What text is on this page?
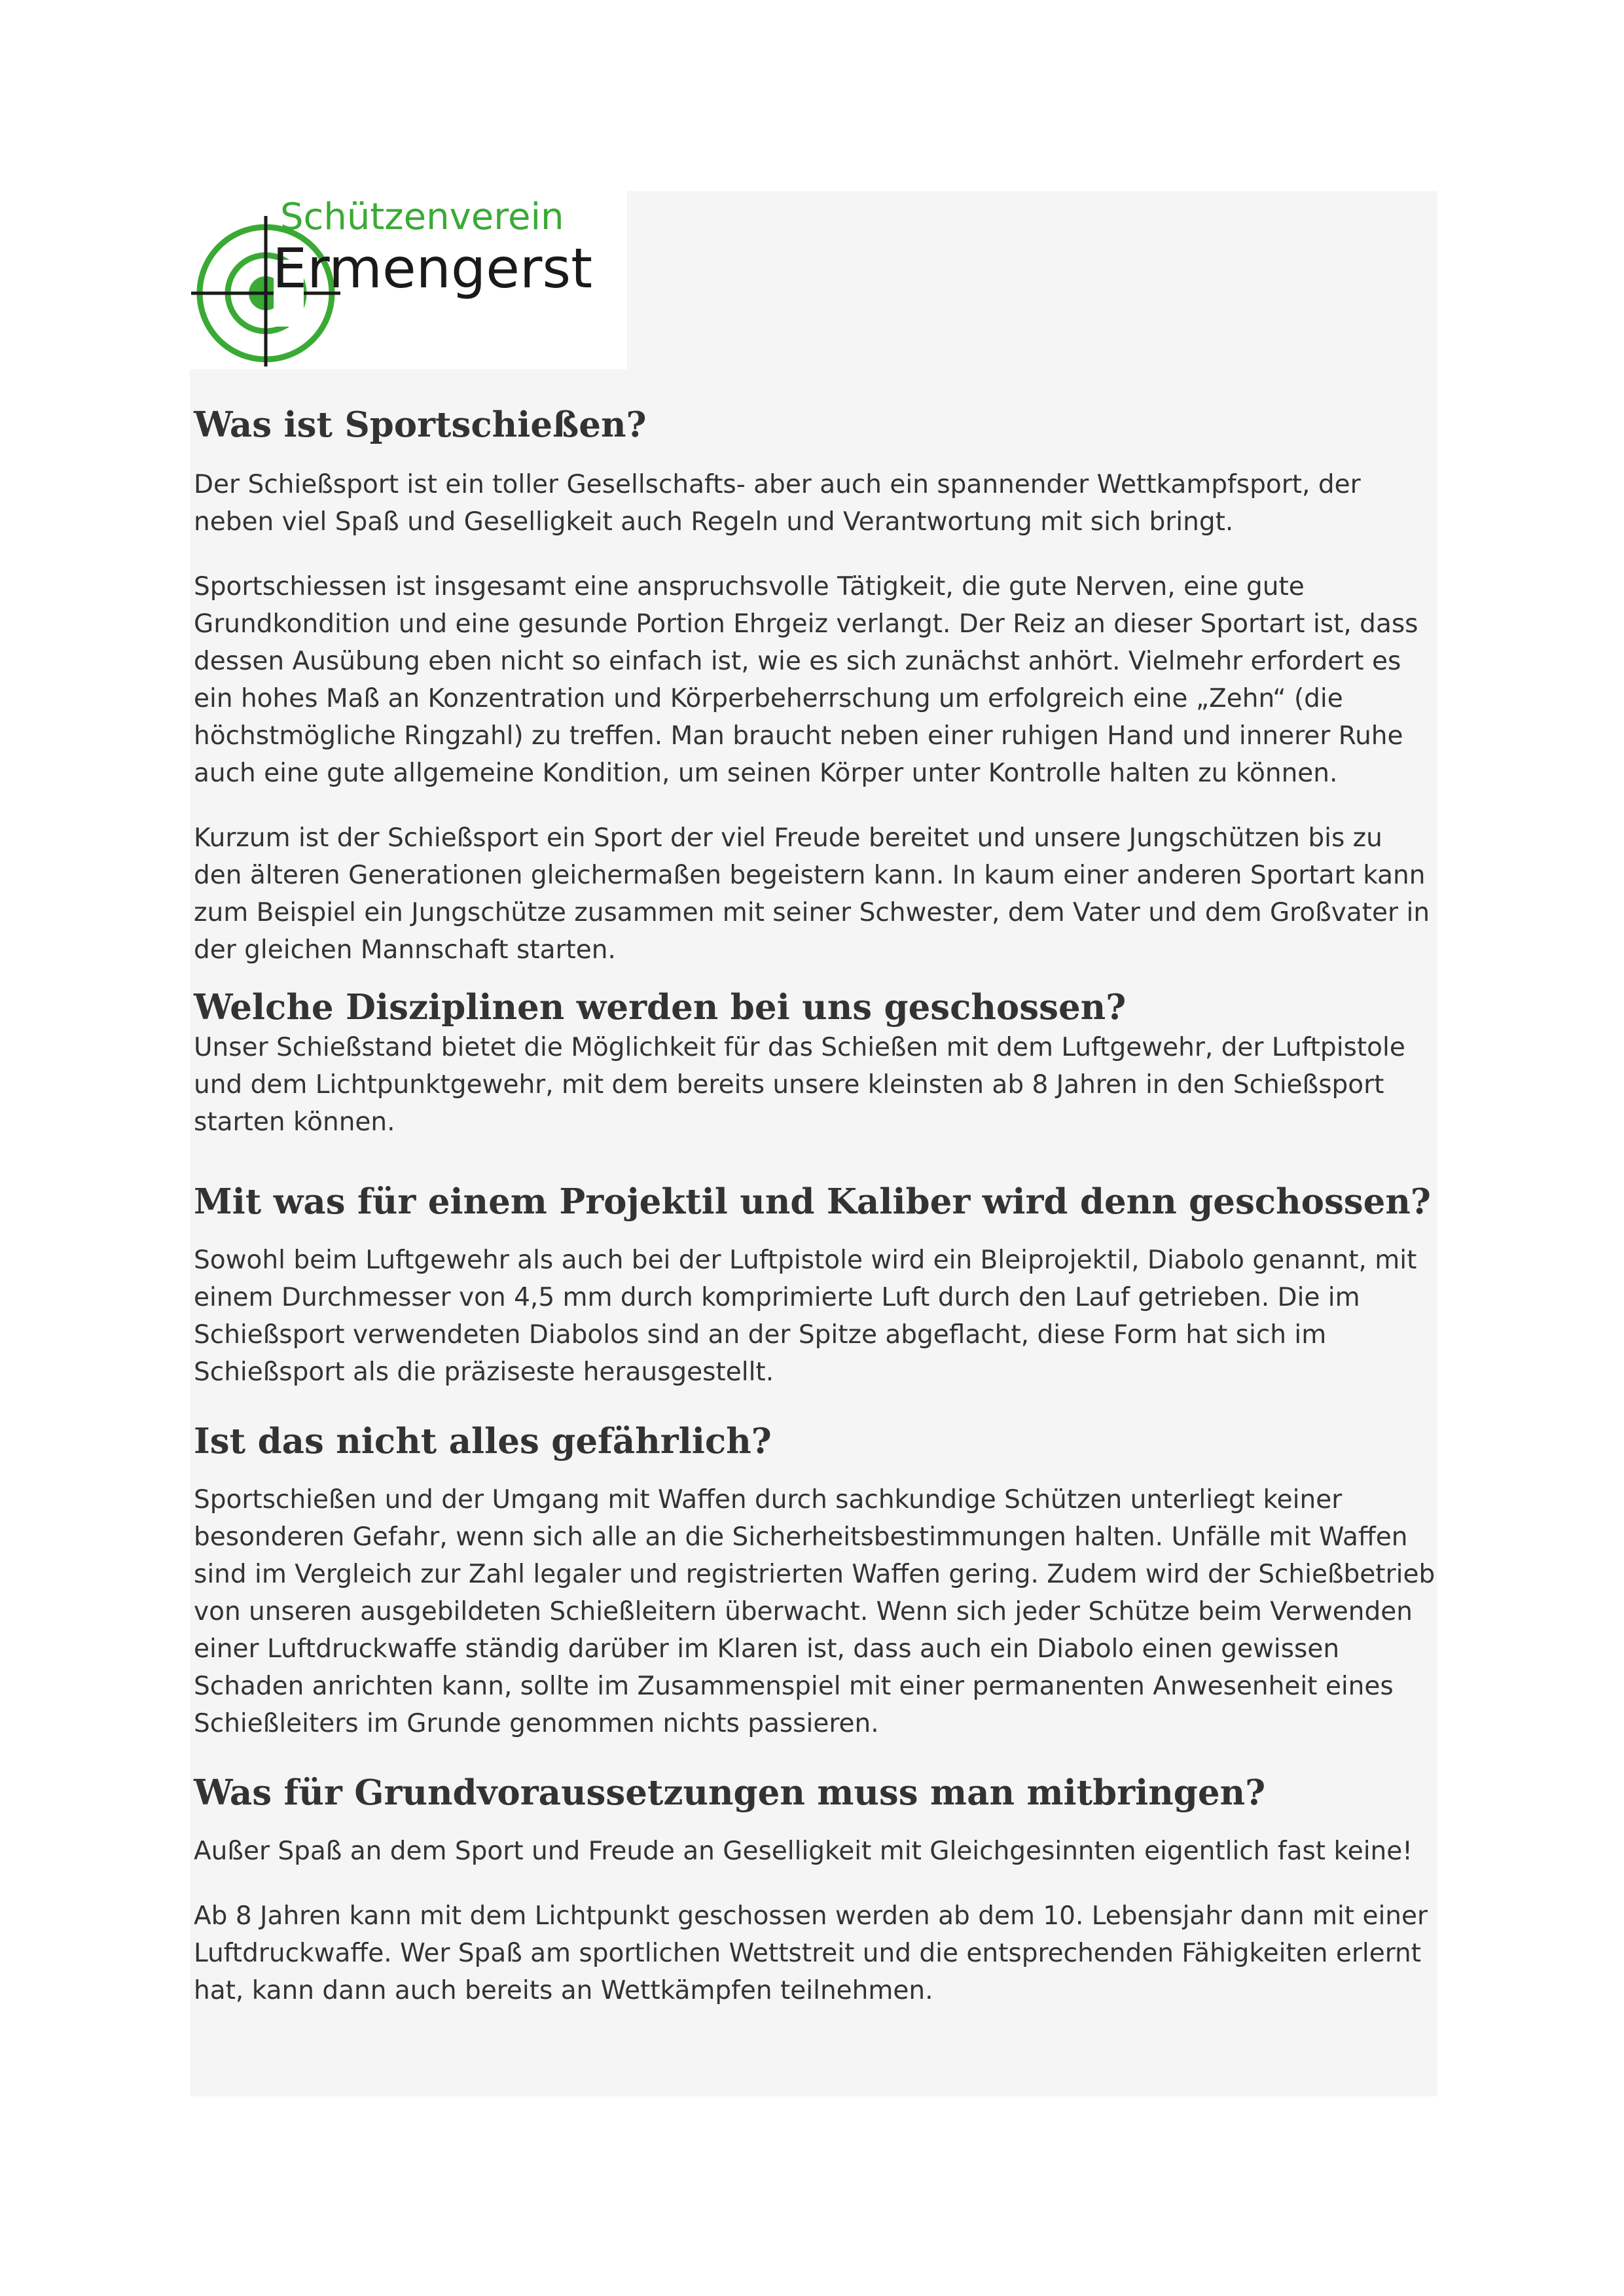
Schützenverein
Ermengerst
Was ist Sportschießen?

Der Schießsport ist ein toller Gesellschafts- aber auch ein spannender Wettkampfsport, der neben viel Spaß und Geselligkeit auch Regeln und Verantwortung mit sich bringt.

Sportschiessen ist insgesamt eine anspruchsvolle Tätigkeit, die gute Nerven, eine gute Grundkondition und eine gesunde Portion Ehrgeiz verlangt. Der Reiz an dieser Sportart ist, dass dessen Ausübung eben nicht so einfach ist, wie es sich zunächst anhört. Vielmehr erfordert es ein hohes Maß an Konzentration und Körperbeherrschung um erfolgreich eine „Zehn“ (die höchstmögliche Ringzahl) zu treffen. Man braucht neben einer ruhigen Hand und innerer Ruhe auch eine gute allgemeine Kondition, um seinen Körper unter Kontrolle halten zu können.

Kurzum ist der Schießsport ein Sport der viel Freude bereitet und unsere Jungschützen bis zu den älteren Generationen gleichermaßen begeistern kann. In kaum einer anderen Sportart kann zum Beispiel ein Jungschütze zusammen mit seiner Schwester, dem Vater und dem Großvater in der gleichen Mannschaft starten.

Welche Disziplinen werden bei uns geschossen?

Unser Schießstand bietet die Möglichkeit für das Schießen mit dem Luftgewehr, der Luftpistole und dem Lichtpunktgewehr, mit dem bereits unsere kleinsten ab 8 Jahren in den Schießsport starten können.

Mit was für einem Projektil und Kaliber wird denn geschossen?

Sowohl beim Luftgewehr als auch bei der Luftpistole wird ein Bleiprojektil, Diabolo genannt, mit einem Durchmesser von 4,5 mm durch komprimierte Luft durch den Lauf getrieben. Die im Schießsport verwendeten Diabolos sind an der Spitze abgeflacht, diese Form hat sich im Schießsport als die präziseste herausgestellt.

Ist das nicht alles gefährlich?

Sportschießen und der Umgang mit Waffen durch sachkundige Schützen unterliegt keiner besonderen Gefahr, wenn sich alle an die Sicherheitsbestimmungen halten. Unfälle mit Waffen sind im Vergleich zur Zahl legaler und registrierten Waffen gering. Zudem wird der Schießbetrieb von unseren ausgebildeten Schießleitern überwacht. Wenn sich jeder Schütze beim Verwenden einer Luftdruckwaffe ständig darüber im Klaren ist, dass auch ein Diabolo einen gewissen Schaden anrichten kann, sollte im Zusammenspiel mit einer permanenten Anwesenheit eines Schießleiters im Grunde genommen nichts passieren.

Was für Grundvoraussetzungen muss man mitbringen?

Außer Spaß an dem Sport und Freude an Geselligkeit mit Gleichgesinnten eigentlich fast keine!

Ab 8 Jahren kann mit dem Lichtpunkt geschossen werden ab dem 10. Lebensjahr dann mit einer Luftdruckwaffe. Wer Spaß am sportlichen Wettstreit und die entsprechenden Fähigkeiten erlernt hat, kann dann auch bereits an Wettkämpfen teilnehmen.
